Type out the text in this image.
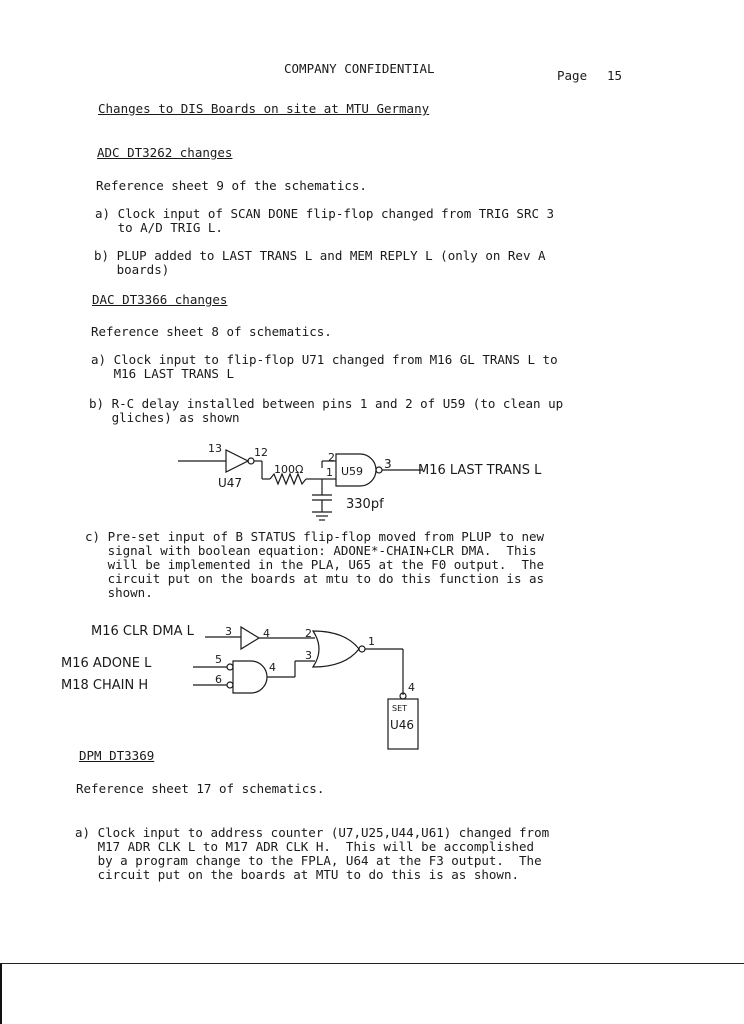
COMPANY CONFIDENTIAL	Page 15
Changes to DIS Boards on site at MTU Germany
ADC DT3262 changes
Reference sheet 9 of the schematics.
a) Clock input of SCAN DONE flip-flop changed from TRIG SRC 3
to A/D TRIG L.
b) PLUP added to LAST TRANS L and MEM REPLY L (only on Rev A
boards)
DAC DT3366 changes
Reference sheet 8 of schematics.
a) Clock input to flip-flop U71 changed from M16 GL TRANS L to
M16 LAST TRANS L
b) R-C delay installed between pins 1 and 2 of U59 (to clean up
gliches) as shown
13	12
U47
100Ω
2
1 U59
3 M16 LAST TRANS L
330pf
c) Pre-set input of B STATUS flip-flop moved from PLUP to new
signal with boolean equation: ADONE*-CHAIN+CLR DMA.  This
will be implemented in the PLA, U65 at the F0 output.  The
circuit put on the boards at mtu to do this function is as
shown.
M16 CLR DMA L
M16 ADONE L
M18 CHAIN H
3	4
5
6
4
2
3
1
4
SET
U46
DPM DT3369
Reference sheet 17 of schematics.
a) Clock input to address counter (U7,U25,U44,U61) changed from
M17 ADR CLK L to M17 ADR CLK H.  This will be accomplished
by a program change to the FPLA, U64 at the F3 output.  The
circuit put on the boards at MTU to do this is as shown.
